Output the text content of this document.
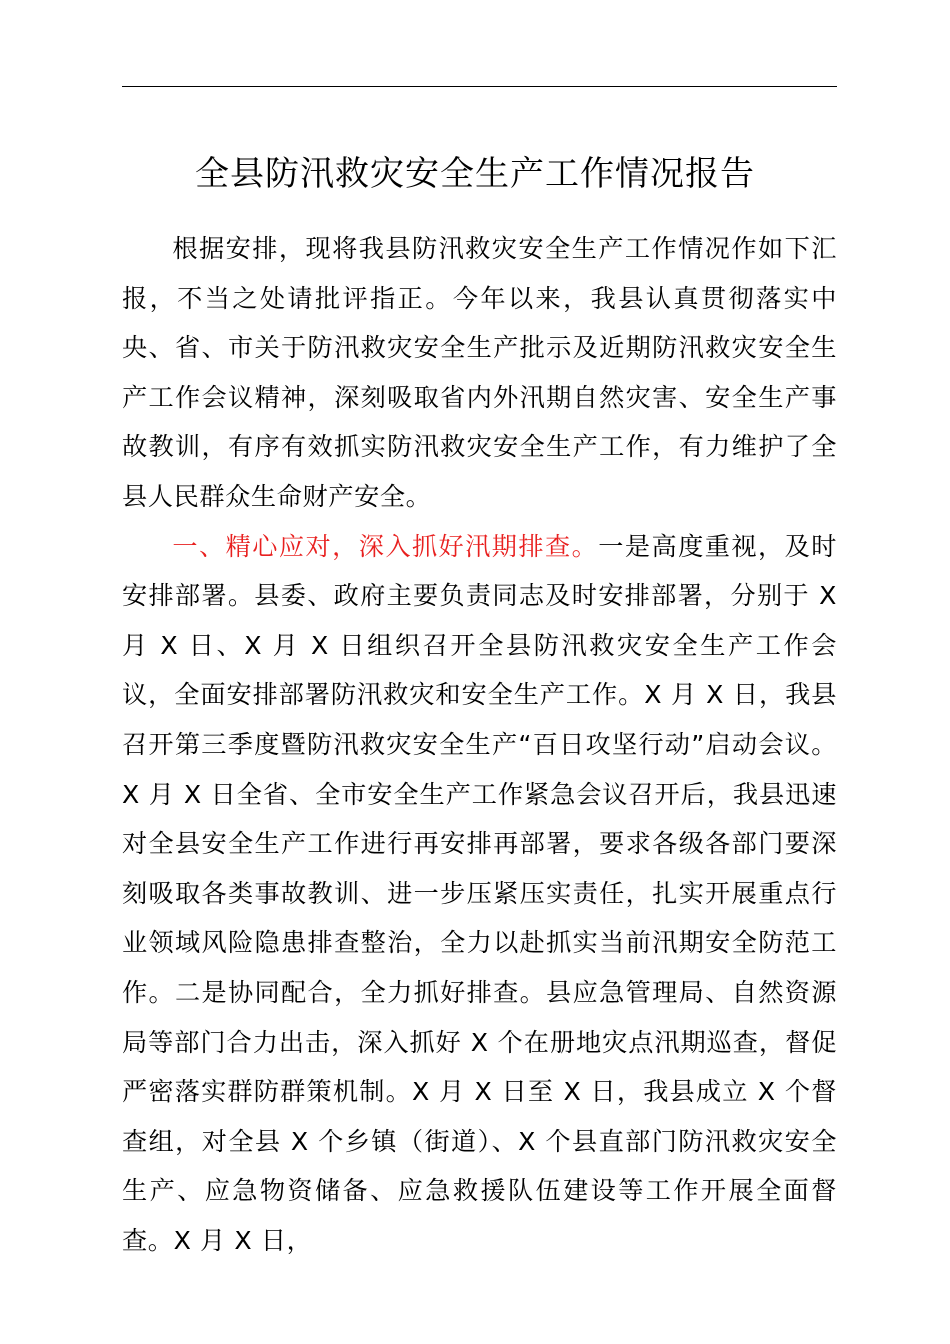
全县防汛救灾安全生产工作情况报告

根据安排，现将我县防汛救灾安全生产工作情况作如下汇报，不当之处请批评指正。今年以来，我县认真贯彻落实中央、省、市关于防汛救灾安全生产批示及近期防汛救灾安全生产工作会议精神，深刻吸取省内外汛期自然灾害、安全生产事故教训，有序有效抓实防汛救灾安全生产工作，有力维护了全县人民群众生命财产安全。

一、精心应对，深入抓好汛期排查。一是高度重视，及时安排部署。县委、政府主要负责同志及时安排部署，分别于 X 月 X 日、X 月 X 日组织召开全县防汛救灾安全生产工作会议，全面安排部署防汛救灾和安全生产工作。X 月 X 日，我县召开第三季度暨防汛救灾安全生产“百日攻坚行动”启动会议。X 月 X 日全省、全市安全生产工作紧急会议召开后，我县迅速对全县安全生产工作进行再安排再部署，要求各级各部门要深刻吸取各类事故教训、进一步压紧压实责任，扎实开展重点行业领域风险隐患排查整治，全力以赴抓实当前汛期安全防范工作。二是协同配合，全力抓好排查。县应急管理局、自然资源局等部门合力出击，深入抓好 X 个在册地灾点汛期巡查，督促严密落实群防群策机制。X 月 X 日至 X 日，我县成立 X 个督查组，对全县 X 个乡镇（街道）、X 个县直部门防汛救灾安全生产、应急物资储备、应急救援队伍建设等工作开展全面督查。X 月 X 日，
